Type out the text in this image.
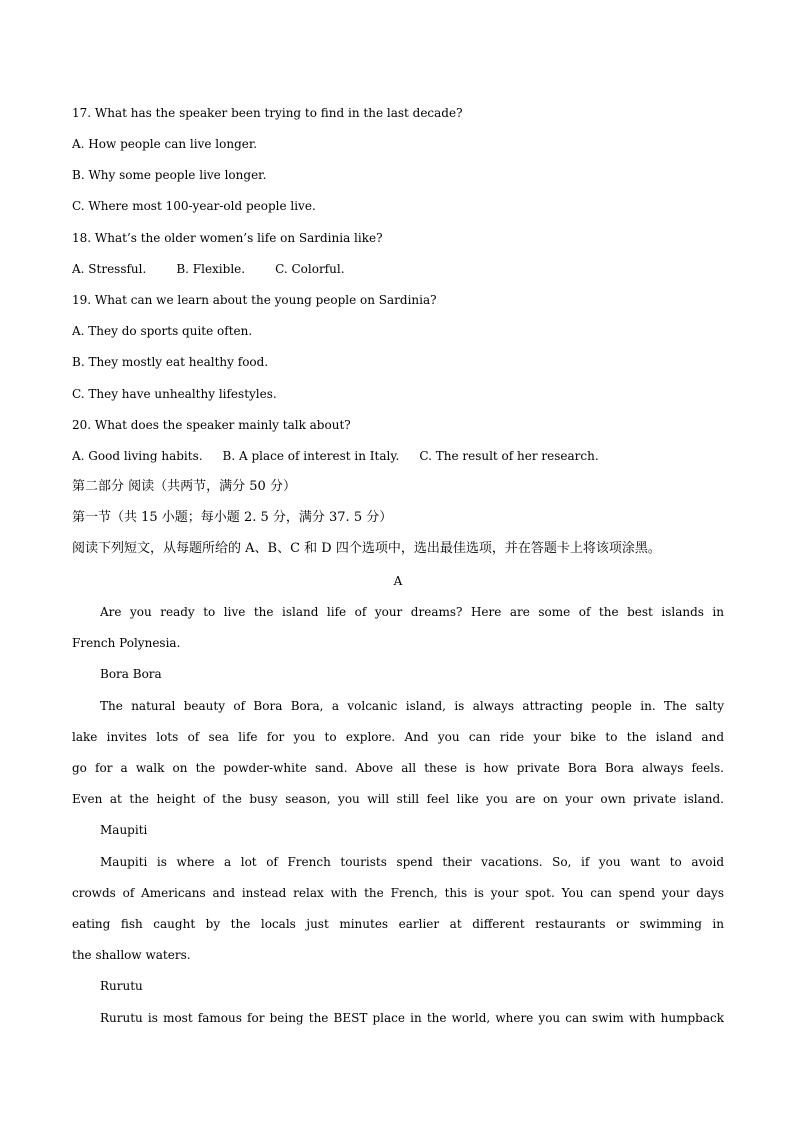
17. What has the speaker been trying to find in the last decade?
A. How people can live longer.
B. Why some people live longer.
C. Where most 100-year-old people live.
18. What’s the older women’s life on Sardinia like?
A. Stressful.	B. Flexible.	C. Colorful.
19. What can we learn about the young people on Sardinia?
A. They do sports quite often.
B. They mostly eat healthy food.
C. They have unhealthy lifestyles.
20. What does the speaker mainly talk about?
A. Good living habits. B. A place of interest in Italy. C. The result of her research.
第二部分 阅读（共两节，满分 50 分）
第一节（共 15 小题；每小题 2. 5 分，满分 37. 5 分）
阅读下列短文，从每题所给的 A、B、C 和 D 四个选项中，选出最佳选项，并在答题卡上将该项涂黑。
A
Are you ready to live the island life of your dreams? Here are some of the best islands in
French Polynesia.
Bora Bora
The natural beauty of Bora Bora, a volcanic island, is always attracting people in. The salty
lake invites lots of sea life for you to explore. And you can ride your bike to the island and
go for a walk on the powder-white sand. Above all these is how private Bora Bora always feels.
Even at the height of the busy season, you will still feel like you are on your own private island.
Maupiti
Maupiti is where a lot of French tourists spend their vacations. So, if you want to avoid
crowds of Americans and instead relax with the French, this is your spot. You can spend your days
eating fish caught by the locals just minutes earlier at different restaurants or swimming in
the shallow waters.
Rurutu
Rurutu is most famous for being the BEST place in the world, where you can swim with humpback
